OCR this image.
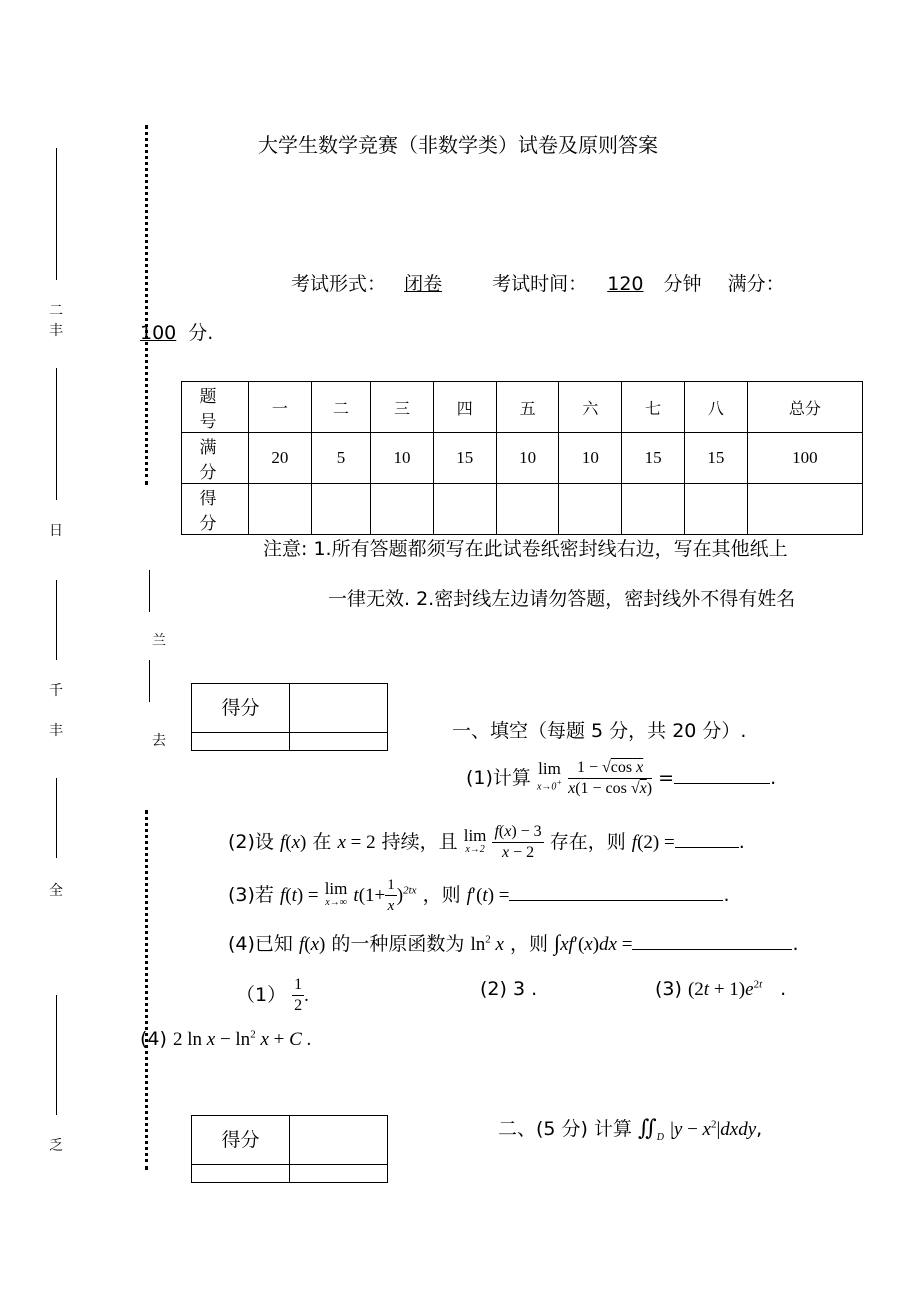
二
丰
日
千
丰
全
乏
兰
去
大学生数学竞赛（非数学类）试卷及原则答案
考试形式： 闭卷	考试时间： 120 分钟 满分：
100 分.
题　号	一	二	三	四	五	六	七	八	总分
满　分	20	5	10	15	10	10	15	15	100
得　分									
注意: 1.所有答题都须写在此试卷纸密封线右边，写在其他纸上
一律无效. 2.密封线左边请勿答题，密封线外不得有姓名
得分
一、填空（每题 5 分，共 20 分）.
(1)计算 lim
x→0+
$\frac{\text{1 − √cos x}}{x(1 - \cos √x)}$ =	.
(2)设 f(x) 在 x = 2 持续，且 lim
x→2
$\frac{f(x) - 3}{x - 2}$ 存在，则 f(2) =	.
(3)若 f(t) = lim
x→∞ $t(1+ \frac{1}{x} )^{2tx}$ ，则 f′(t) =	.
(4)已知 f(x) 的一种原函数为 $\ln^2 x$ ，则 ∫xf′(x)dx =	.
$(1) \frac{1}{2}$ .	(2) 3 .	(3) $(2t + 1)e^{2t}$ .
(4) 2 $\ln x - \ln^2 x + C$ .
得分	二、(5 分) 计算 $∬_D$ $|y - x^2|dxdy$,
